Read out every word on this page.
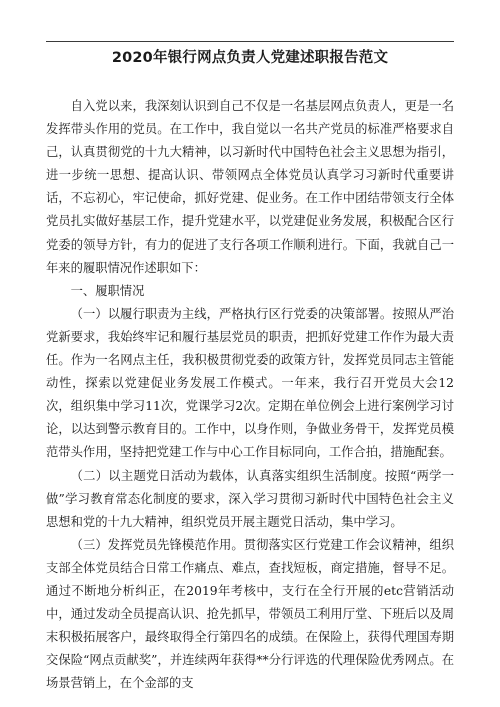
2020年银行网点负责人党建述职报告范文

自入党以来，我深刻认识到自己不仅是一名基层网点负责人，更是一名发挥带头作用的党员。在工作中，我自觉以一名共产党员的标准严格要求自己，认真贯彻党的十九大精神，以习新时代中国特色社会主义思想为指引，进一步统一思想、提高认识、带领网点全体党员认真学习习新时代重要讲话，不忘初心，牢记使命，抓好党建、促业务。在工作中团结带领支行全体党员扎实做好基层工作，提升党建水平，以党建促业务发展，积极配合区行党委的领导方针，有力的促进了支行各项工作顺利进行。下面，我就自己一年来的履职情况作述职如下：

一、履职情况

（一）以履行职责为主线，严格执行区行党委的决策部署。按照从严治党新要求，我始终牢记和履行基层党员的职责，把抓好党建工作作为最大责任。作为一名网点主任，我积极贯彻党委的政策方针，发挥党员同志主管能动性，探索以党建促业务发展工作模式。一年来，我行召开党员大会12次，组织集中学习11次，党课学习2次。定期在单位例会上进行案例学习讨论，以达到警示教育目的。工作中，以身作则，争做业务骨干，发挥党员模范带头作用，坚持把党建工作与中心工作目标同向，工作合拍，措施配套。

（二）以主题党日活动为载体，认真落实组织生活制度。按照“两学一做”学习教育常态化制度的要求，深入学习贯彻习新时代中国特色社会主义思想和党的十九大精神，组织党员开展主题党日活动，集中学习。

（三）发挥党员先锋模范作用。贯彻落实区行党建工作会议精神，组织支部全体党员结合日常工作痛点、难点，查找短板，商定措施，督导不足。通过不断地分析纠正，在2019年考核中，支行在全行开展的etc营销活动中，通过发动全员提高认识、抢先抓早，带领员工利用厅堂、下班后以及周末积极拓展客户，最终取得全行第四名的成绩。在保险上，获得代理国寿期交保险“网点贡献奖”，并连续两年获得**分行评选的代理保险优秀网点。在场景营销上，在个金部的支
